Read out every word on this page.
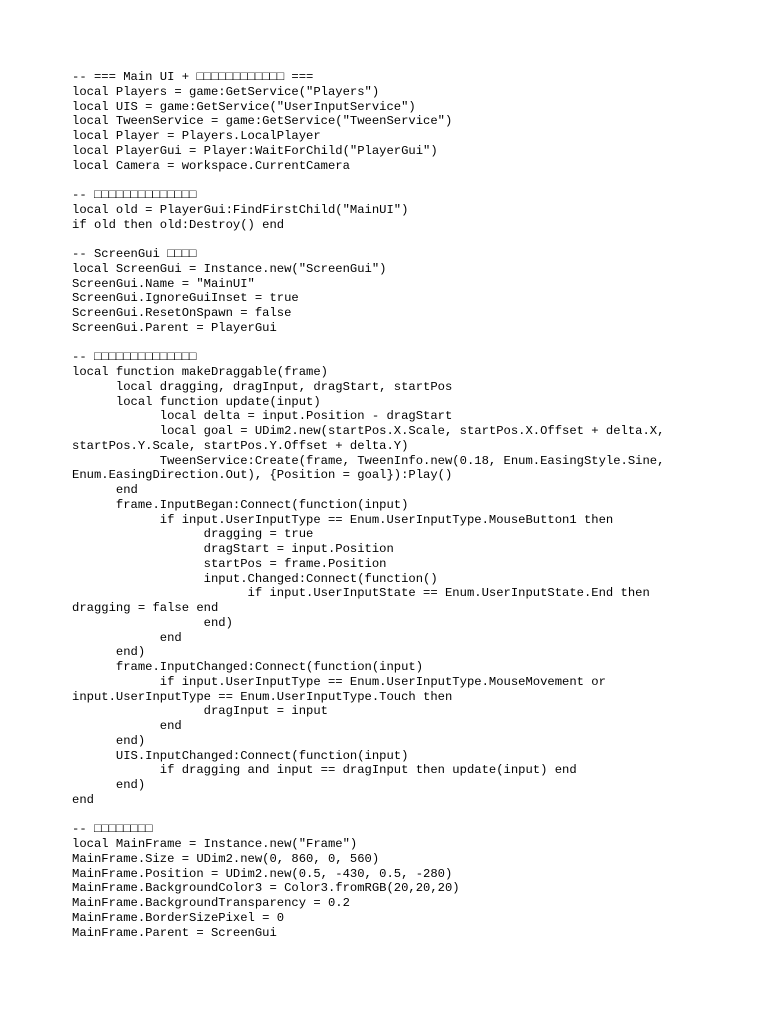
-- === Main UI + □□□□□□□□□□□□ ===
local Players = game:GetService("Players")
local UIS = game:GetService("UserInputService")
local TweenService = game:GetService("TweenService")
local Player = Players.LocalPlayer
local PlayerGui = Player:WaitForChild("PlayerGui")
local Camera = workspace.CurrentCamera
-- □□□□□□□□□□□□□□
local old = PlayerGui:FindFirstChild("MainUI")
if old then old:Destroy() end
-- ScreenGui □□□□
local ScreenGui = Instance.new("ScreenGui")
ScreenGui.Name = "MainUI"
ScreenGui.IgnoreGuiInset = true
ScreenGui.ResetOnSpawn = false
ScreenGui.Parent = PlayerGui
-- □□□□□□□□□□□□□□
local function makeDraggable(frame)
local dragging, dragInput, dragStart, startPos
local function update(input)
local delta = input.Position - dragStart
local goal = UDim2.new(startPos.X.Scale, startPos.X.Offset + delta.X,
startPos.Y.Scale, startPos.Y.Offset + delta.Y)
TweenService:Create(frame, TweenInfo.new(0.18, Enum.EasingStyle.Sine,
Enum.EasingDirection.Out), {Position = goal}):Play()
end
frame.InputBegan:Connect(function(input)
if input.UserInputType == Enum.UserInputType.MouseButton1 then
dragging = true
dragStart = input.Position
startPos = frame.Position
input.Changed:Connect(function()
if input.UserInputState == Enum.UserInputState.End then
dragging = false end
end)
end
end)
frame.InputChanged:Connect(function(input)
if input.UserInputType == Enum.UserInputType.MouseMovement or
input.UserInputType == Enum.UserInputType.Touch then
dragInput = input
end
end)
UIS.InputChanged:Connect(function(input)
if dragging and input == dragInput then update(input) end
end)
end
-- □□□□□□□□
local MainFrame = Instance.new("Frame")
MainFrame.Size = UDim2.new(0, 860, 0, 560)
MainFrame.Position = UDim2.new(0.5, -430, 0.5, -280)
MainFrame.BackgroundColor3 = Color3.fromRGB(20,20,20)
MainFrame.BackgroundTransparency = 0.2
MainFrame.BorderSizePixel = 0
MainFrame.Parent = ScreenGui
